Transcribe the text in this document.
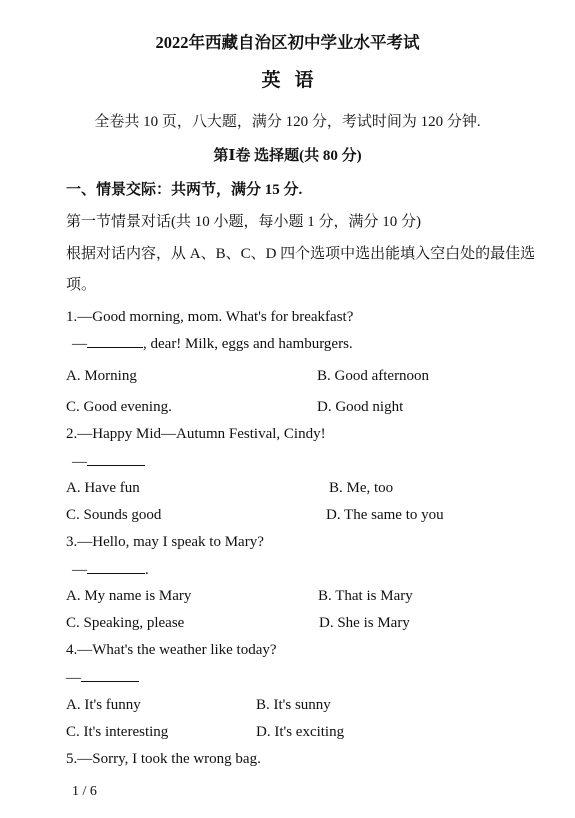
2022年西藏自治区初中学业水平考试
英语
全卷共 10 页，八大题，满分 120 分，考试时间为 120 分钟.
第Ⅰ卷 选择题(共 80 分)
一、情景交际：共两节，满分 15 分.
第一节情景对话(共 10 小题，每小题 1 分，满分 10 分)
根据对话内容，从 A、B、C、D 四个选项中选出能填入空白处的最佳选
项。
1.—Good morning, mom. What's for breakfast?
—	, dear! Milk, eggs and hamburgers.
A. Morning	B. Good afternoon
C. Good evening.	D. Good night
2.—Happy Mid—Autumn Festival, Cindy!
—
A. Have fun	B. Me, too
C. Sounds good	D. The same to you
3.—Hello, may I speak to Mary?
—	.
A. My name is Mary	B. That is Mary
C. Speaking, please	D. She is Mary
4.—What's the weather like today?
—
A. It's funny	B. It's sunny
C. It's interesting	D. It's exciting
5.—Sorry, I took the wrong bag.
1 / 6
